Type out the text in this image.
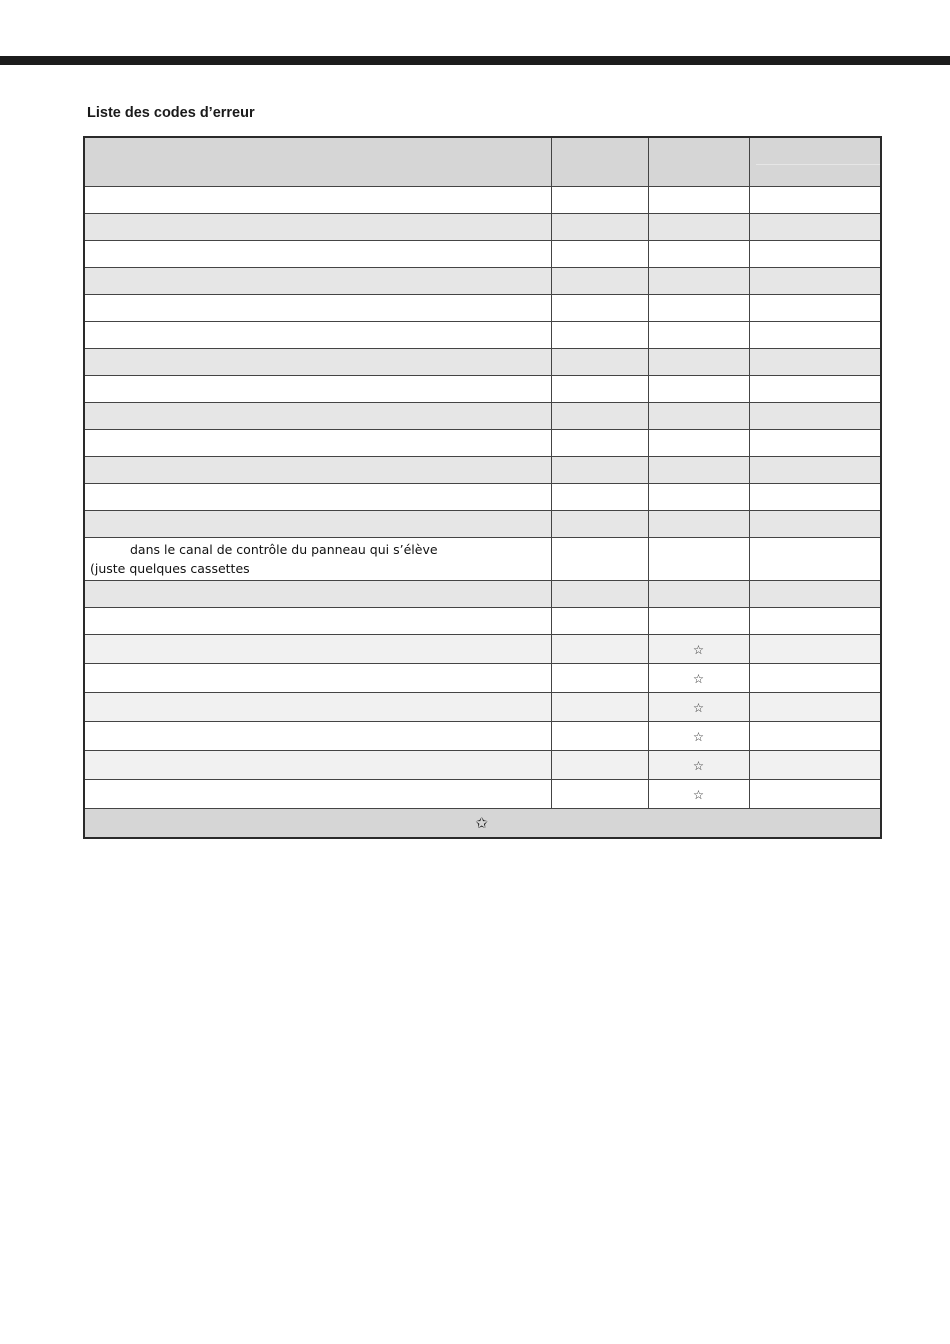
Liste des codes d’erreur

dans le canal de contrôle du panneau qui s’élève
(juste quelques cassettes			

		☆	
		☆	
		☆	
		☆	
		☆	
		☆	
✩			
